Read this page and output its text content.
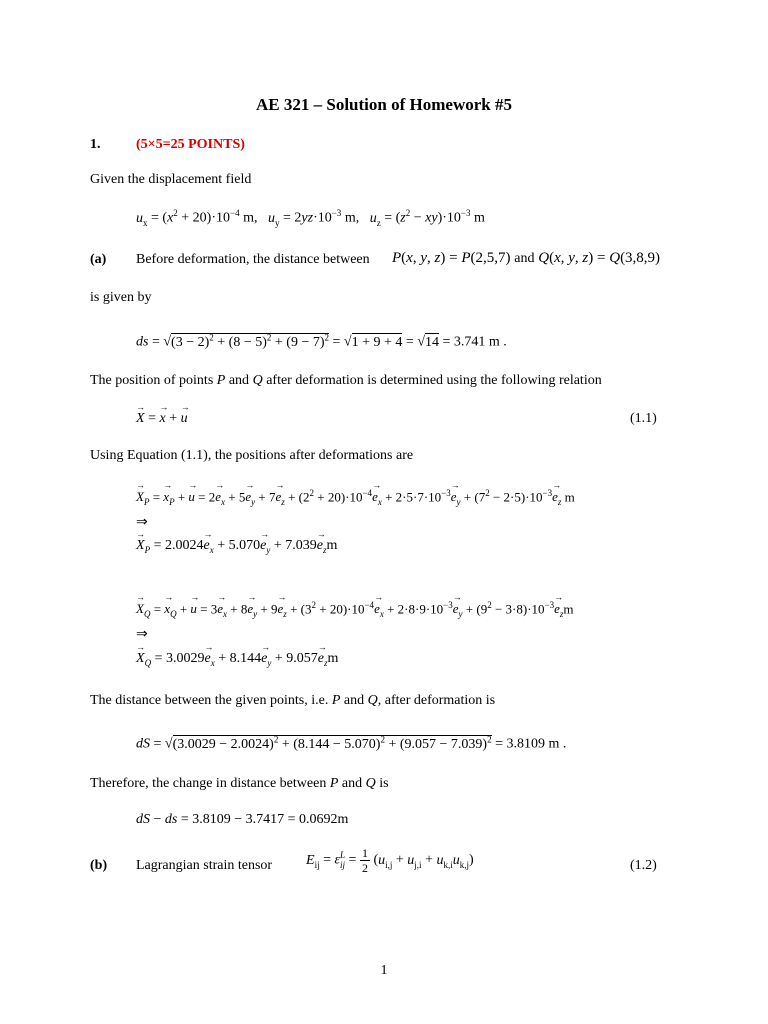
AE 321 – Solution of Homework #5
1.	(5×5=25 POINTS)
Given the displacement field
$u_x = (x^2 + 20)\cdot 10^{-4}$ m,   $u_y = 2yz\cdot 10^{-3}$ m,   $u_z = (z^2 - xy)\cdot 10^{-3}$ m
(a) Before deformation, the distance between P(x, y, z) = P(2,5,7) and Q(x, y, z) = Q(3,8,9)
is given by
ds = $√(3 - 2)^2 + (8 - 5)^2 + (9 - 7)^2 = √1 + 9 + 4 = √14 = 3.741$ m .
The position of points P and Q after deformation is determined using the following relation
→ X = → x + → u	(1.1)
Using Equation (1.1), the positions after deformations are
→ $X_P$ = → $x_P$ + → $u = 2\to e_x + 5\to e_y + 7\to e_z + (2^2 + 20)\cdot 10^{-4}\to e_x + 2\cdot 5\cdot 7\cdot 10^{-3}\to e_y + (7^2 - 2\cdot 5)\cdot 10^{-3}\to e_z$ m
⇒
→ $X_P = 2.0024\to e_x + 5.070\to e_y + 7.039\to e_zm$
→ $X_Q$ = → $x_Q$ + → $u = 3\to e_x + 8\to e_y + 9\to e_z + (3^2 + 20)\cdot 10^{-4}\to e_x + 2\cdot 8\cdot 9\cdot 10^{-3}\to e_y + (9^2 - 3\cdot 8)\cdot 10^{-3}\to e_zm$
⇒
→ $X_Q = 3.0029\to e_x + 8.144\to e_y + 9.057\to e_zm$
The distance between the given points, i.e. P and Q, after deformation is
dS = $√(3.0029 - 2.0024)^2 + (8.144 - 5.070)^2 + (9.057 - 7.039)^2 = 3.8109$ m .
Therefore, the change in distance between P and Q is
dS − ds = 3.8109 − 3.7417 = 0.0692m
(b) Lagrangian strain tensor $E_{ij} = \varepsilon^L_{ij} = \frac{1}{2} (u_{i,j} + u_{j,i} + u_{k,i}u_{k,j})$	(1.2)
1
